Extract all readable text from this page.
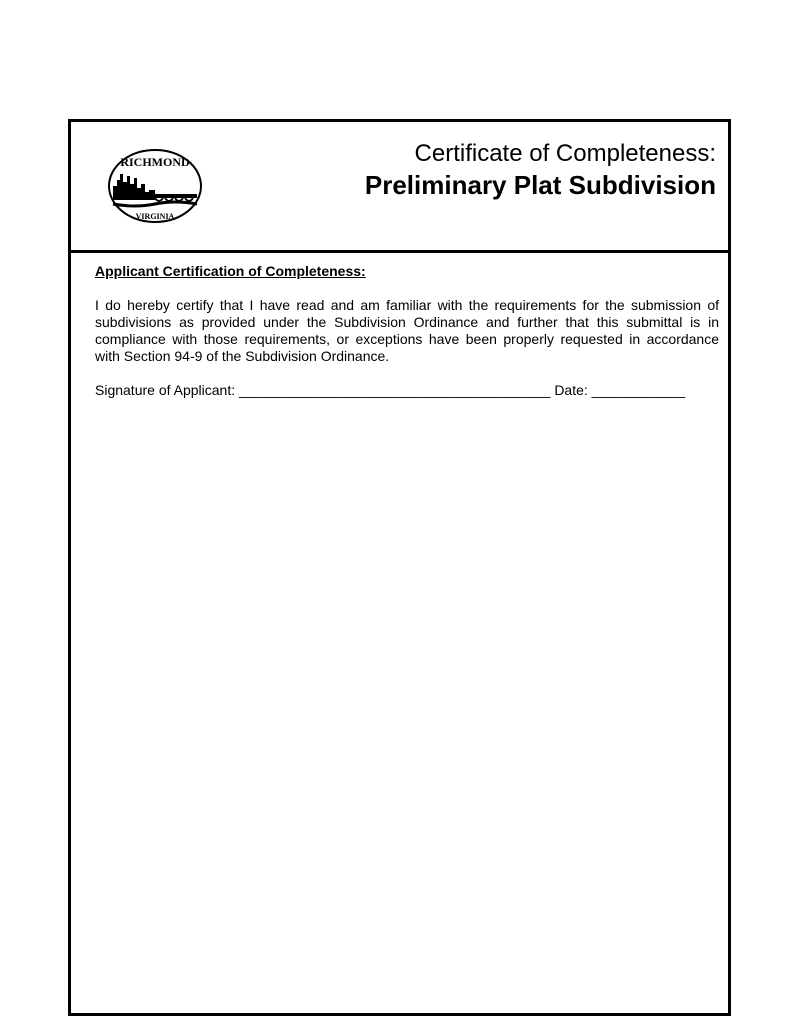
RICHMOND
VIRGINIA
Certificate of Completeness:
Preliminary Plat Subdivision

Applicant Certification of Completeness:

I do hereby certify that I have read and am familiar with the requirements for the submission of subdivisions as provided under the Subdivision Ordinance and further that this submittal is in compliance with those requirements, or exceptions have been properly requested in accordance with Section 94-9 of the Subdivision Ordinance.

Signature of Applicant: ________________________________________ Date: ____________
